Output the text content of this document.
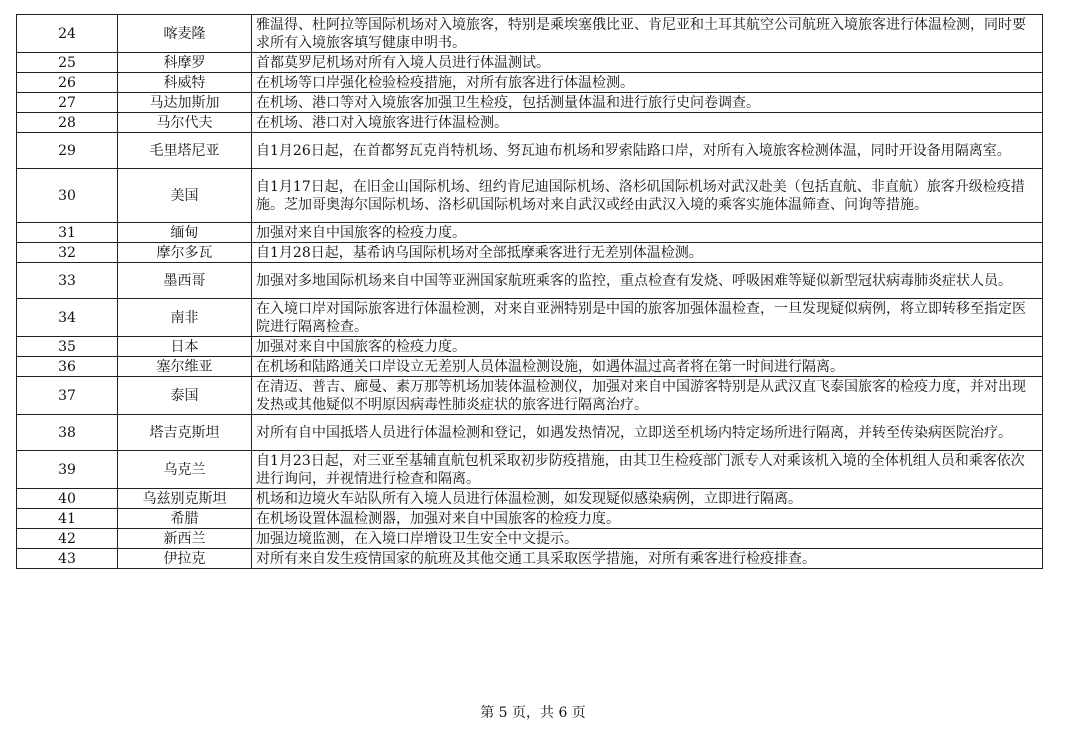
24	喀麦隆	雅温得、杜阿拉等国际机场对入境旅客，特别是乘埃塞俄比亚、肯尼亚和土耳其航空公司航班入境旅客进行体温检测，同时要求所有入境旅客填写健康申明书。
25	科摩罗	首都莫罗尼机场对所有入境人员进行体温测试。
26	科威特	在机场等口岸强化检验检疫措施，对所有旅客进行体温检测。
27	马达加斯加	在机场、港口等对入境旅客加强卫生检疫，包括测量体温和进行旅行史问卷调查。
28	马尔代夫	在机场、港口对入境旅客进行体温检测。
29	毛里塔尼亚	自1月26日起，在首都努瓦克肖特机场、努瓦迪布机场和罗索陆路口岸，对所有入境旅客检测体温，同时开设备用隔离室。
30	美国	自1月17日起，在旧金山国际机场、纽约肯尼迪国际机场、洛杉矶国际机场对武汉赴美（包括直航、非直航）旅客升级检疫措施。芝加哥奥海尔国际机场、洛杉矶国际机场对来自武汉或经由武汉入境的乘客实施体温筛查、问询等措施。
31	缅甸	加强对来自中国旅客的检疫力度。
32	摩尔多瓦	自1月28日起，基希讷乌国际机场对全部抵摩乘客进行无差别体温检测。
33	墨西哥	加强对多地国际机场来自中国等亚洲国家航班乘客的监控，重点检查有发烧、呼吸困难等疑似新型冠状病毒肺炎症状人员。
34	南非	在入境口岸对国际旅客进行体温检测，对来自亚洲特别是中国的旅客加强体温检查，一旦发现疑似病例，将立即转移至指定医院进行隔离检查。
35	日本	加强对来自中国旅客的检疫力度。
36	塞尔维亚	在机场和陆路通关口岸设立无差别人员体温检测设施，如遇体温过高者将在第一时间进行隔离。
37	泰国	在清迈、普吉、廊曼、素万那等机场加装体温检测仪，加强对来自中国游客特别是从武汉直飞泰国旅客的检疫力度，并对出现发热或其他疑似不明原因病毒性肺炎症状的旅客进行隔离治疗。
38	塔吉克斯坦	对所有自中国抵塔人员进行体温检测和登记，如遇发热情况，立即送至机场内特定场所进行隔离，并转至传染病医院治疗。
39	乌克兰	自1月23日起，对三亚至基辅直航包机采取初步防疫措施，由其卫生检疫部门派专人对乘该机入境的全体机组人员和乘客依次进行询问，并视情进行检查和隔离。
40	乌兹别克斯坦	机场和边境火车站队所有入境人员进行体温检测，如发现疑似感染病例，立即进行隔离。
41	希腊	在机场设置体温检测器，加强对来自中国旅客的检疫力度。
42	新西兰	加强边境监测，在入境口岸增设卫生安全中文提示。
43	伊拉克	对所有来自发生疫情国家的航班及其他交通工具采取医学措施，对所有乘客进行检疫排查。
第 5 页，共 6 页
